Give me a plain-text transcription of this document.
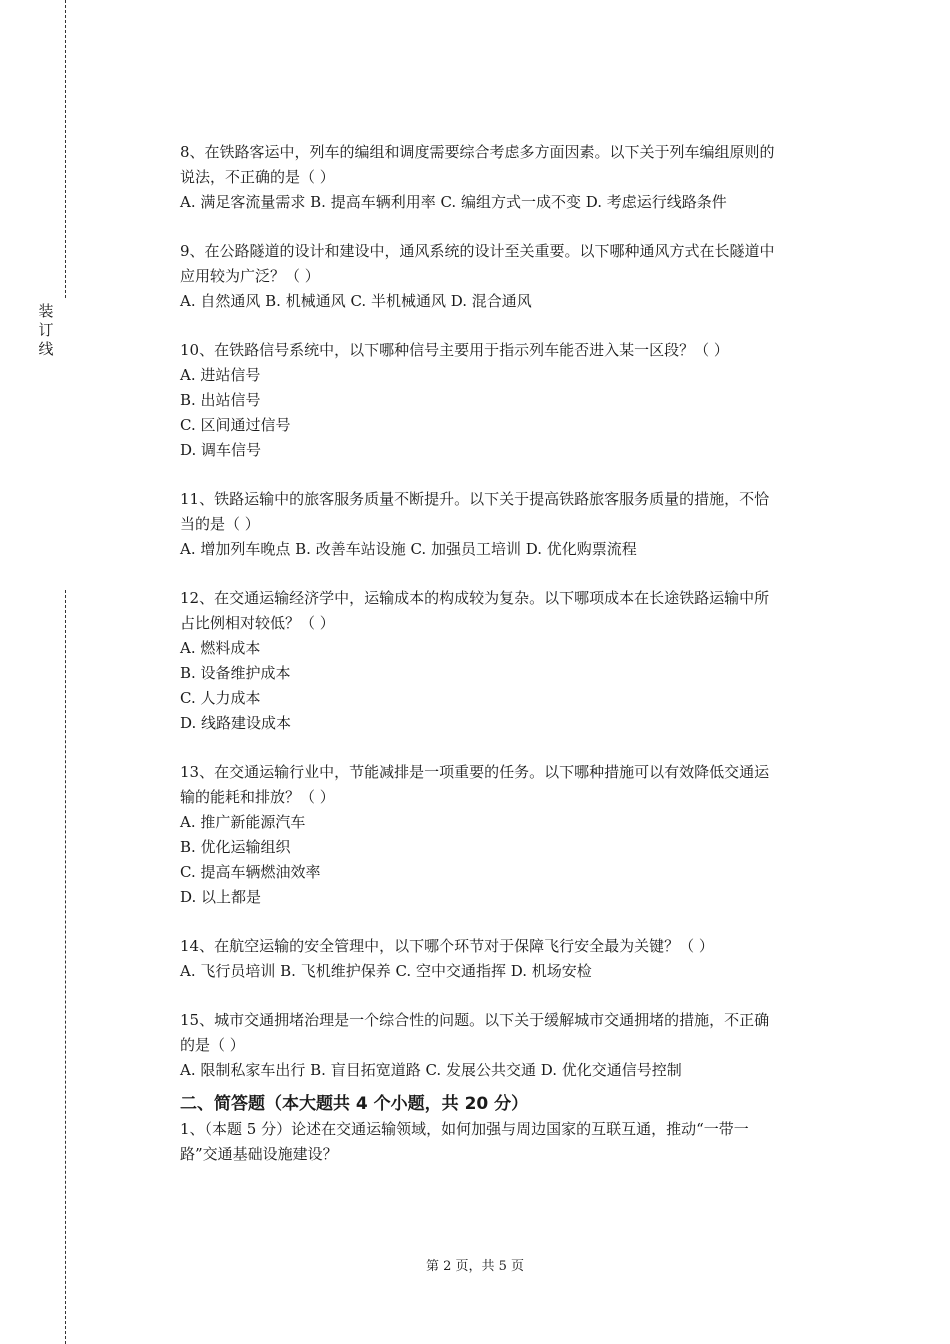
装订线

8、在铁路客运中，列车的编组和调度需要综合考虑多方面因素。以下关于列车编组原则的

说法，不正确的是（ ）

A. 满足客流量需求 B. 提高车辆利用率 C. 编组方式一成不变 D. 考虑运行线路条件

9、在公路隧道的设计和建设中，通风系统的设计至关重要。以下哪种通风方式在长隧道中

应用较为广泛？（ ）

A. 自然通风 B. 机械通风 C. 半机械通风 D. 混合通风

10、在铁路信号系统中，以下哪种信号主要用于指示列车能否进入某一区段？（ ）

A. 进站信号

B. 出站信号

C. 区间通过信号

D. 调车信号

11、铁路运输中的旅客服务质量不断提升。以下关于提高铁路旅客服务质量的措施，不恰

当的是（ ）

A. 增加列车晚点 B. 改善车站设施 C. 加强员工培训 D. 优化购票流程

12、在交通运输经济学中，运输成本的构成较为复杂。以下哪项成本在长途铁路运输中所

占比例相对较低？（ ）

A. 燃料成本

B. 设备维护成本

C. 人力成本

D. 线路建设成本

13、在交通运输行业中，节能减排是一项重要的任务。以下哪种措施可以有效降低交通运

输的能耗和排放？（ ）

A. 推广新能源汽车

B. 优化运输组织

C. 提高车辆燃油效率

D. 以上都是

14、在航空运输的安全管理中，以下哪个环节对于保障飞行安全最为关键？（ ）

A. 飞行员培训 B. 飞机维护保养 C. 空中交通指挥 D. 机场安检

15、城市交通拥堵治理是一个综合性的问题。以下关于缓解城市交通拥堵的措施，不正确

的是（ ）

A. 限制私家车出行 B. 盲目拓宽道路 C. 发展公共交通 D. 优化交通信号控制

二、简答题（本大题共 4 个小题，共 20 分）

1、（本题 5 分）论述在交通运输领域，如何加强与周边国家的互联互通，推动“一带一

路”交通基础设施建设？

第 2 页，共 5 页
